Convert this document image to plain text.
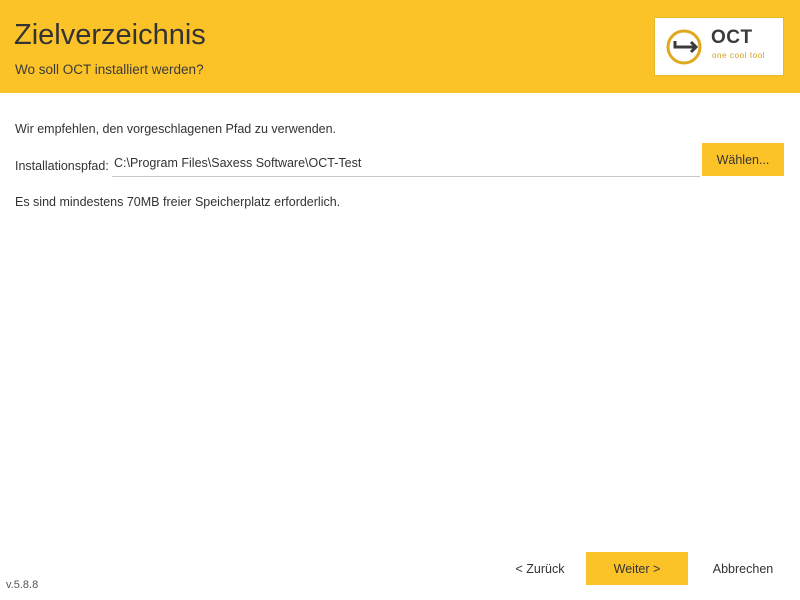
Zielverzeichnis
Wo soll OCT installiert werden?
OCT
one cool tool
Wir empfehlen, den vorgeschlagenen Pfad zu verwenden.
Installationspfad:
C:\Program Files\Saxess Software\OCT-Test	Wählen...
Es sind mindestens 70MB freier Speicherplatz erforderlich.
v.5.8.8
< Zurück	Weiter >	Abbrechen
